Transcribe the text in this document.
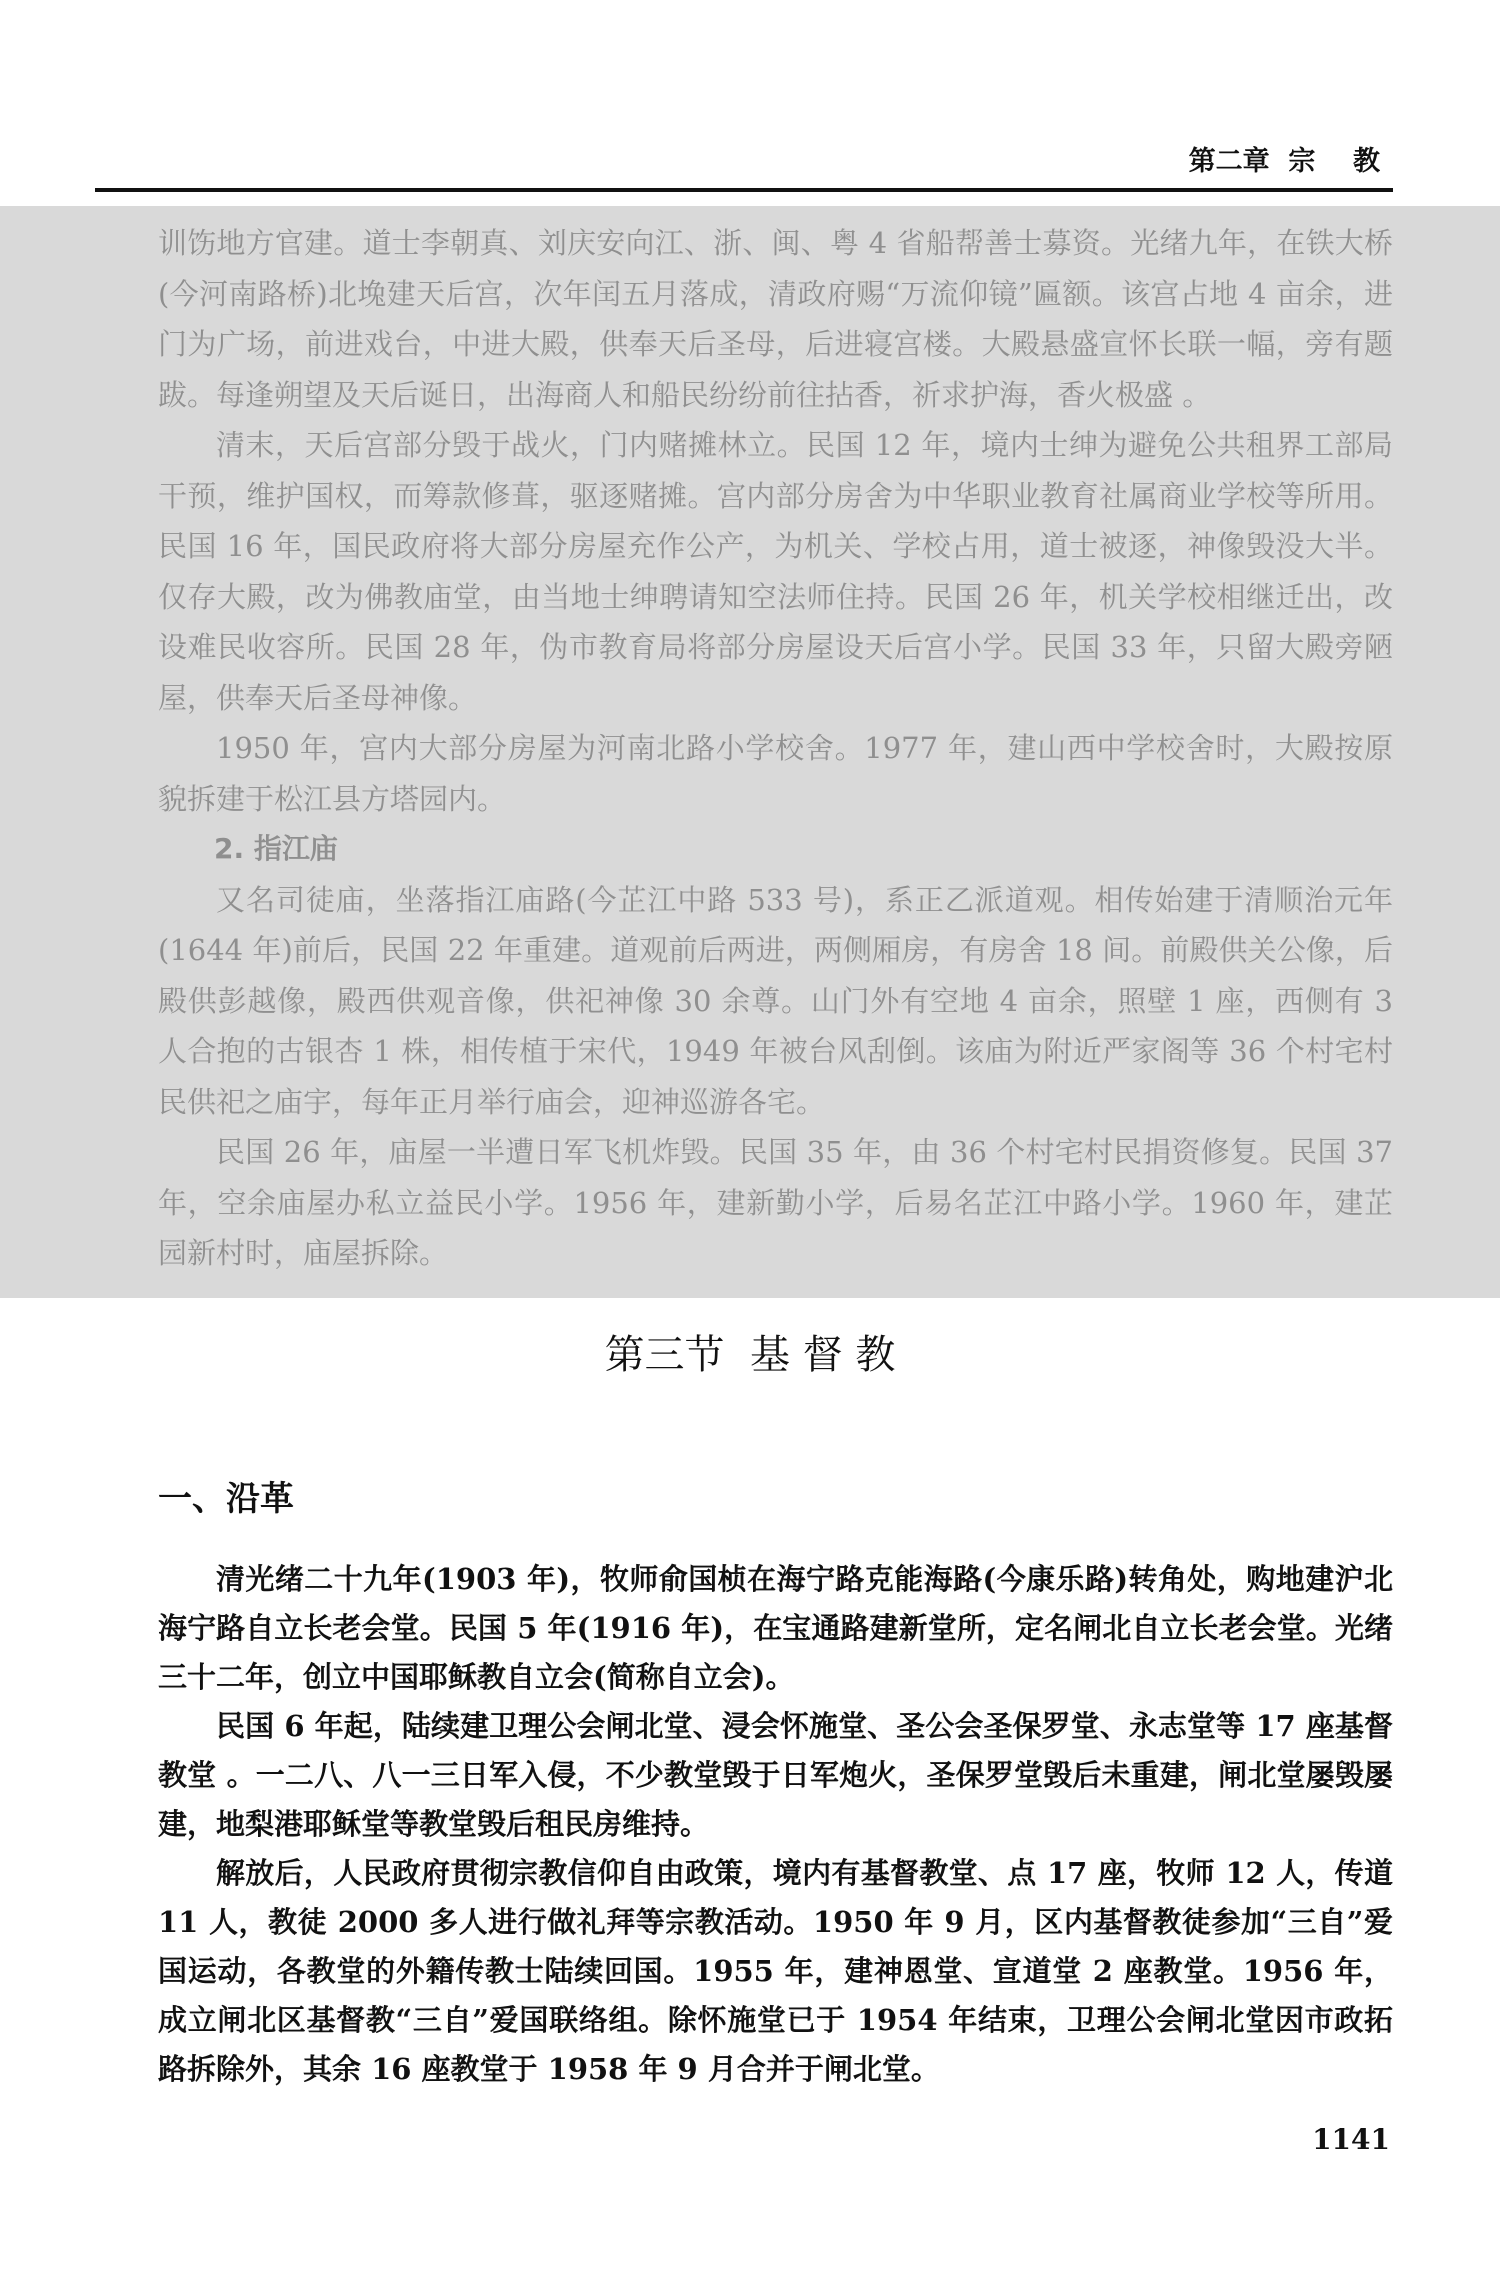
第二章  宗    教

训饬地方官建。道士李朝真、刘庆安向江、浙、闽、粤 4 省船帮善士募资。光绪九年，在铁大桥(今河南路桥)北堍建天后宫，次年闰五月落成，清政府赐“万流仰镜”匾额。该宫占地 4 亩余，进门为广场，前进戏台，中进大殿，供奉天后圣母，后进寝宫楼。大殿悬盛宣怀长联一幅，旁有题跋。每逢朔望及天后诞日，出海商人和船民纷纷前往拈香，祈求护海，香火极盛 。

清末，天后宫部分毁于战火，门内赌摊林立。民国 12 年，境内士绅为避免公共租界工部局干预，维护国权，而筹款修葺，驱逐赌摊。宫内部分房舍为中华职业教育社属商业学校等所用。民国 16 年，国民政府将大部分房屋充作公产，为机关、学校占用，道士被逐，神像毁没大半。仅存大殿，改为佛教庙堂，由当地士绅聘请知空法师住持。民国 26 年，机关学校相继迁出，改设难民收容所。民国 28 年，伪市教育局将部分房屋设天后宫小学。民国 33 年，只留大殿旁陋屋，供奉天后圣母神像。

1950 年，宫内大部分房屋为河南北路小学校舍。1977 年，建山西中学校舍时，大殿按原貌拆建于松江县方塔园内。

2. 指江庙

又名司徒庙，坐落指江庙路(今芷江中路 533 号)，系正乙派道观。相传始建于清顺治元年(1644 年)前后，民国 22 年重建。道观前后两进，两侧厢房，有房舍 18 间。前殿供关公像，后殿供彭越像，殿西供观音像，供祀神像 30 余尊。山门外有空地 4 亩余，照壁 1 座，西侧有 3 人合抱的古银杏 1 株，相传植于宋代，1949 年被台风刮倒。该庙为附近严家阁等 36 个村宅村民供祀之庙宇，每年正月举行庙会，迎神巡游各宅。

民国 26 年，庙屋一半遭日军飞机炸毁。民国 35 年，由 36 个村宅村民捐资修复。民国 37 年，空余庙屋办私立益民小学。1956 年，建新勤小学，后易名芷江中路小学。1960 年，建芷园新村时，庙屋拆除。

第三节  基 督 教
一、沿革

清光绪二十九年(1903 年)，牧师俞国桢在海宁路克能海路(今康乐路)转角处，购地建沪北海宁路自立长老会堂。民国 5 年(1916 年)，在宝通路建新堂所，定名闸北自立长老会堂。光绪三十二年，创立中国耶稣教自立会(简称自立会)。

民国 6 年起，陆续建卫理公会闸北堂、浸会怀施堂、圣公会圣保罗堂、永志堂等 17 座基督教堂 。一二八、八一三日军入侵，不少教堂毁于日军炮火，圣保罗堂毁后未重建，闸北堂屡毁屡建，地梨港耶稣堂等教堂毁后租民房维持。

解放后，人民政府贯彻宗教信仰自由政策，境内有基督教堂、点 17 座，牧师 12 人，传道 11 人，教徒 2000 多人进行做礼拜等宗教活动。1950 年 9 月，区内基督教徒参加“三自”爱国运动，各教堂的外籍传教士陆续回国。1955 年，建神恩堂、宣道堂 2 座教堂。1956 年，成立闸北区基督教“三自”爱国联络组。除怀施堂已于 1954 年结束，卫理公会闸北堂因市政拓路拆除外，其余 16 座教堂于 1958 年 9 月合并于闸北堂。

1141
